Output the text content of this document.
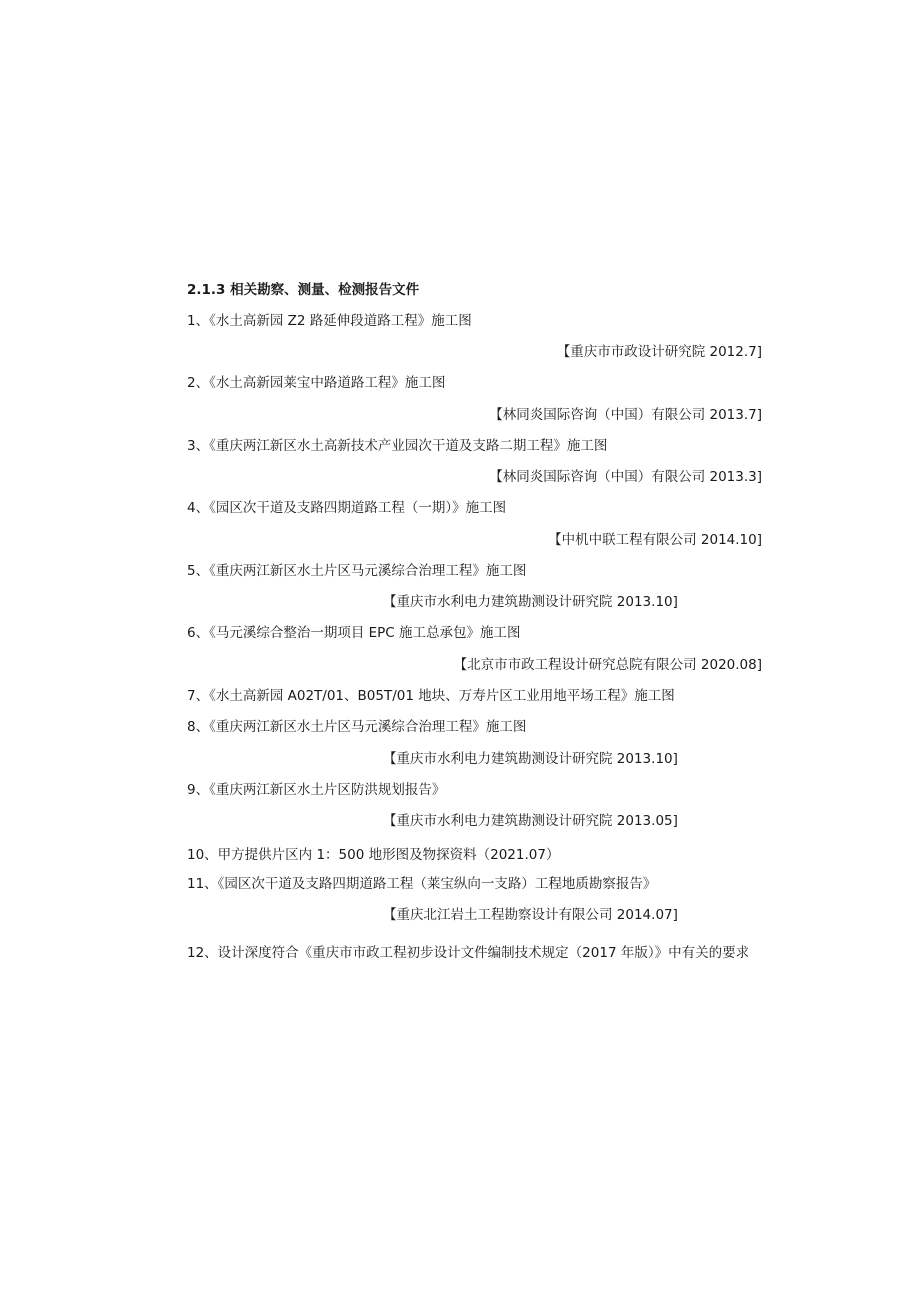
2.1.3 相关勘察、测量、检测报告文件

1、《水土高新园 Z2 路延伸段道路工程》施工图

【重庆市市政设计研究院 2012.7]

2、《水土高新园莱宝中路道路工程》施工图

【林同炎国际咨询（中国）有限公司 2013.7]

3、《重庆两江新区水土高新技术产业园次干道及支路二期工程》施工图

【林同炎国际咨询（中国）有限公司 2013.3]

4、《园区次干道及支路四期道路工程（一期）》施工图

【中机中联工程有限公司 2014.10]

5、《重庆两江新区水土片区马元溪综合治理工程》施工图

【重庆市水利电力建筑勘测设计研究院 2013.10]

6、《马元溪综合整治一期项目 EPC 施工总承包》施工图

【北京市市政工程设计研究总院有限公司 2020.08]

7、《水土高新园 A02T/01、B05T/01 地块、万寿片区工业用地平场工程》施工图

8、《重庆两江新区水土片区马元溪综合治理工程》施工图

【重庆市水利电力建筑勘测设计研究院 2013.10]

9、《重庆两江新区水土片区防洪规划报告》

【重庆市水利电力建筑勘测设计研究院 2013.05]

10、甲方提供片区内 1：500 地形图及物探资料（2021.07）

11、《园区次干道及支路四期道路工程（莱宝纵向一支路）工程地质勘察报告》

【重庆北江岩土工程勘察设计有限公司 2014.07]

12、设计深度符合《重庆市市政工程初步设计文件编制技术规定（2017 年版）》中有关的要求
